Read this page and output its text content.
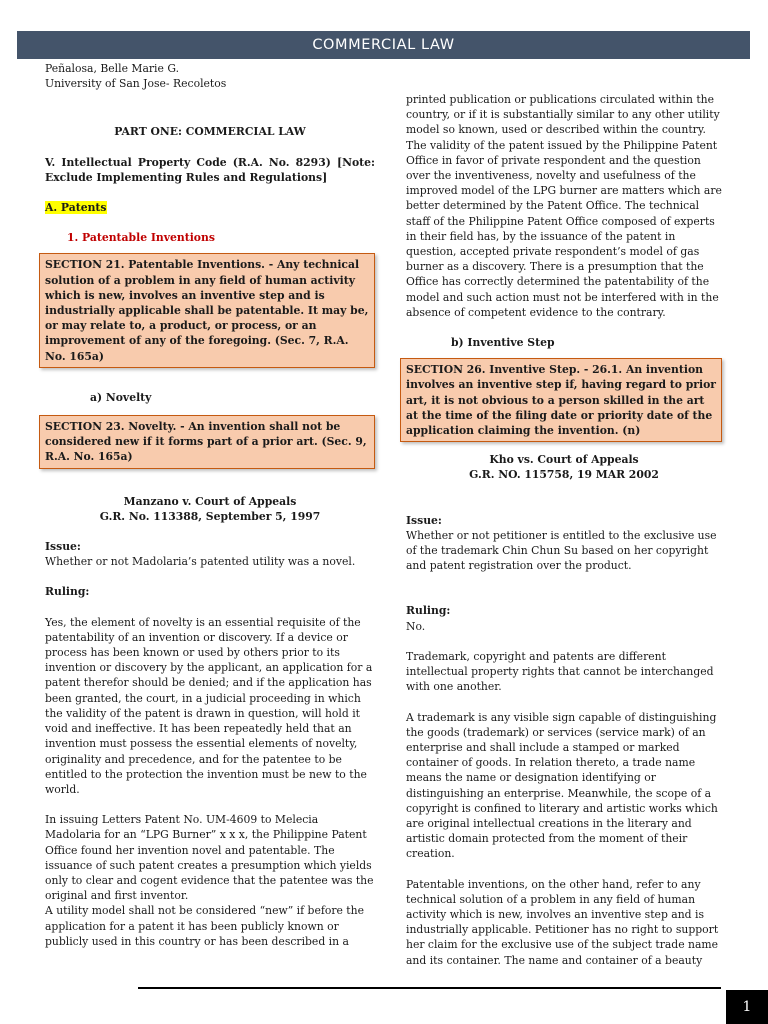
COMMERCIAL LAW

Peñalosa, Belle Marie G.

University of San Jose- Recoletos

PART ONE: COMMERCIAL LAW

V. Intellectual Property Code (R.A. No. 8293) [Note: Exclude Implementing Rules and Regulations]

A. Patents

1. Patentable Inventions

SECTION 21. Patentable Inventions. - Any technical solution of a problem in any field of human activity which is new, involves an inventive step and is industrially applicable shall be patentable. It may be, or may relate to, a product, or process, or an improvement of any of the foregoing. (Sec. 7, R.A. No. 165a)

a) Novelty

SECTION 23. Novelty. - An invention shall not be considered new if it forms part of a prior art. (Sec. 9, R.A. No. 165a)

Manzano v. Court of Appeals

G.R. No. 113388, September 5, 1997

Issue:

Whether or not Madolaria’s patented utility was a novel.

Ruling:

Yes, the element of novelty is an essential requisite of the patentability of an invention or discovery. If a device or process has been known or used by others prior to its invention or discovery by the applicant, an application for a patent therefor should be denied; and if the application has been granted, the court, in a judicial proceeding in which the validity of the patent is drawn in question, will hold it void and ineffective. It has been repeatedly held that an invention must possess the essential elements of novelty, originality and precedence, and for the patentee to be entitled to the protection the invention must be new to the world.

In issuing Letters Patent No. UM-4609 to Melecia Madolaria for an “LPG Burner” x x x, the Philippine Patent Office found her invention novel and patentable. The issuance of such patent creates a presumption which yields only to clear and cogent evidence that the patentee was the original and first inventor.

A utility model shall not be considered “new” if before the application for a patent it has been publicly known or publicly used in this country or has been described in a

printed publication or publications circulated within the country, or if it is substantially similar to any other utility model so known, used or described within the country. The validity of the patent issued by the Philippine Patent Office in favor of private respondent and the question over the inventiveness, novelty and usefulness of the improved model of the LPG burner are matters which are better determined by the Patent Office. The technical staff of the Philippine Patent Office composed of experts in their field has, by the issuance of the patent in question, accepted private respondent’s model of gas burner as a discovery. There is a presumption that the Office has correctly determined the patentability of the model and such action must not be interfered with in the absence of competent evidence to the contrary.

b) Inventive Step

SECTION 26. Inventive Step. - 26.1. An invention involves an inventive step if, having regard to prior art, it is not obvious to a person skilled in the art at the time of the filing date or priority date of the application claiming the invention. (n)

Kho vs. Court of Appeals

G.R. NO. 115758, 19 MAR 2002

Issue:

Whether or not petitioner is entitled to the exclusive use of the trademark Chin Chun Su based on her copyright and patent registration over the product.

Ruling:

No.

Trademark, copyright and patents are different intellectual property rights that cannot be interchanged with one another.

A trademark is any visible sign capable of distinguishing the goods (trademark) or services (service mark) of an enterprise and shall include a stamped or marked container of goods. In relation thereto, a trade name means the name or designation identifying or distinguishing an enterprise. Meanwhile, the scope of a copyright is confined to literary and artistic works which are original intellectual creations in the literary and artistic domain protected from the moment of their creation.

Patentable inventions, on the other hand, refer to any technical solution of a problem in any field of human activity which is new, involves an inventive step and is industrially applicable. Petitioner has no right to support her claim for the exclusive use of the subject trade name and its container. The name and container of a beauty

1
